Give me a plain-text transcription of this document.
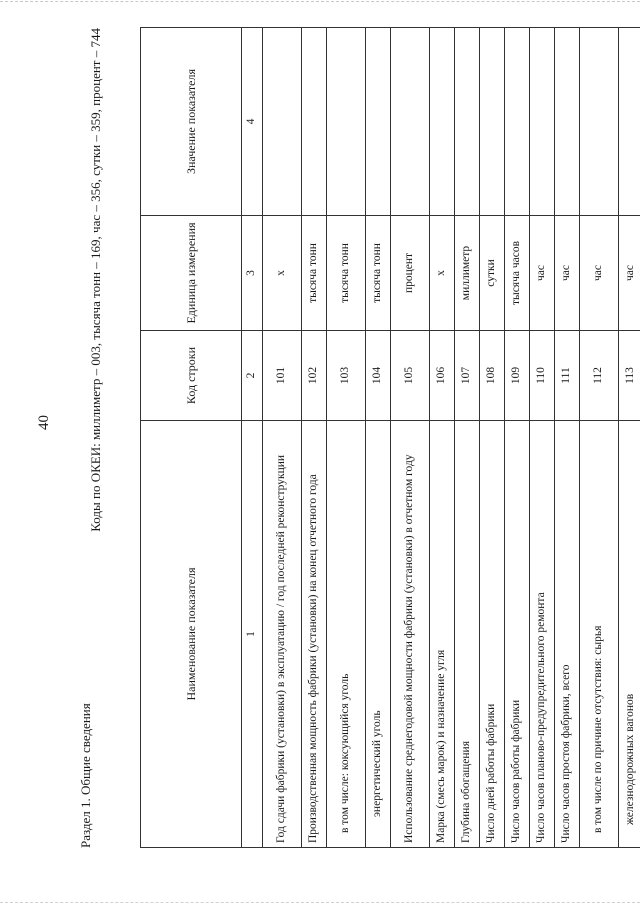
40
Раздел 1. Общие сведения
Коды по ОКЕИ: миллиметр – 003, тысяча тонн – 169, час – 356, сутки – 359, процент – 744
Наименование показателя	Код строки	Единица измерения	Значение показателя
1	2	3	4
Год сдачи фабрики (установки) в эксплуатацию / год последней реконструкции	101	х	
Производственная мощность фабрики (установки) на конец отчетного года	102	тысяча тонн	
в том числе: коксующийся уголь	103	тысяча тонн	
энергетический уголь	104	тысяча тонн	
Использование среднегодовой мощности фабрики (установки) в отчетном году	105	процент	
Марка (смесь марок) и назначение угля	106	х	
Глубина обогащения	107	миллиметр	
Число дней работы фабрики	108	сутки	
Число часов работы фабрики	109	тысяча часов	
Число часов планово-предупредительного ремонта	110	час	
Число часов простоя фабрики, всего	111	час	
в том числе по причине отсутствия: сырья	112	час	
железнодорожных вагонов	113	час	
